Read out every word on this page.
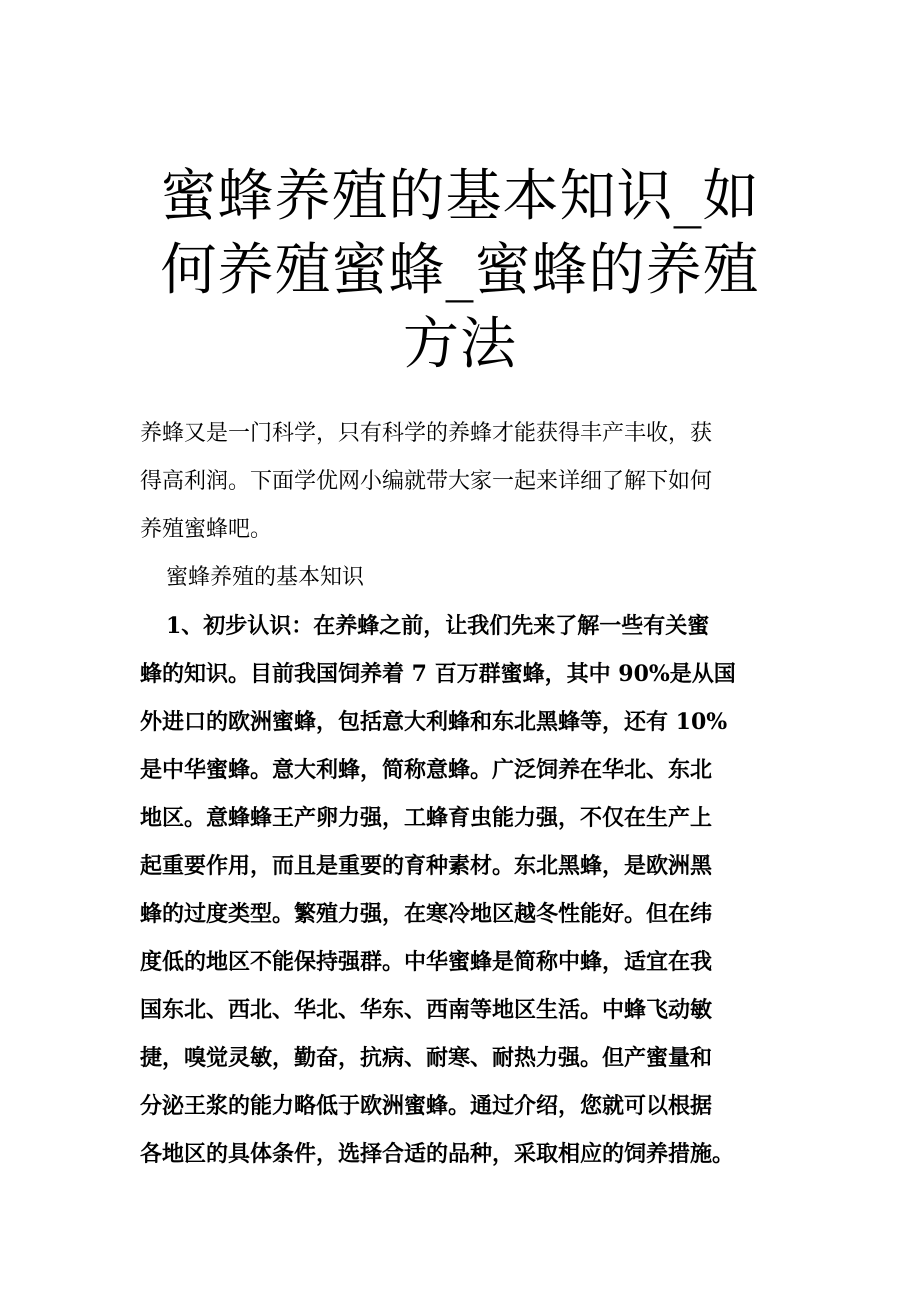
蜜蜂养殖的基本知识_如
何养殖蜜蜂_蜜蜂的养殖
方法

养蜂又是一门科学，只有科学的养蜂才能获得丰产丰收，获
得高利润。下面学优网小编就带大家一起来详细了解下如何
养殖蜜蜂吧。

蜜蜂养殖的基本知识

1、初步认识：在养蜂之前，让我们先来了解一些有关蜜
蜂的知识。目前我国饲养着 7 百万群蜜蜂，其中 90%是从国
外进口的欧洲蜜蜂，包括意大利蜂和东北黑蜂等，还有 10%
是中华蜜蜂。意大利蜂，简称意蜂。广泛饲养在华北、东北
地区。意蜂蜂王产卵力强，工蜂育虫能力强，不仅在生产上
起重要作用，而且是重要的育种素材。东北黑蜂，是欧洲黑
蜂的过度类型。繁殖力强，在寒冷地区越冬性能好。但在纬
度低的地区不能保持强群。中华蜜蜂是简称中蜂，适宜在我
国东北、西北、华北、华东、西南等地区生活。中蜂飞动敏
捷，嗅觉灵敏，勤奋，抗病、耐寒、耐热力强。但产蜜量和
分泌王浆的能力略低于欧洲蜜蜂。通过介绍，您就可以根据
各地区的具体条件，选择合适的品种，采取相应的饲养措施。
